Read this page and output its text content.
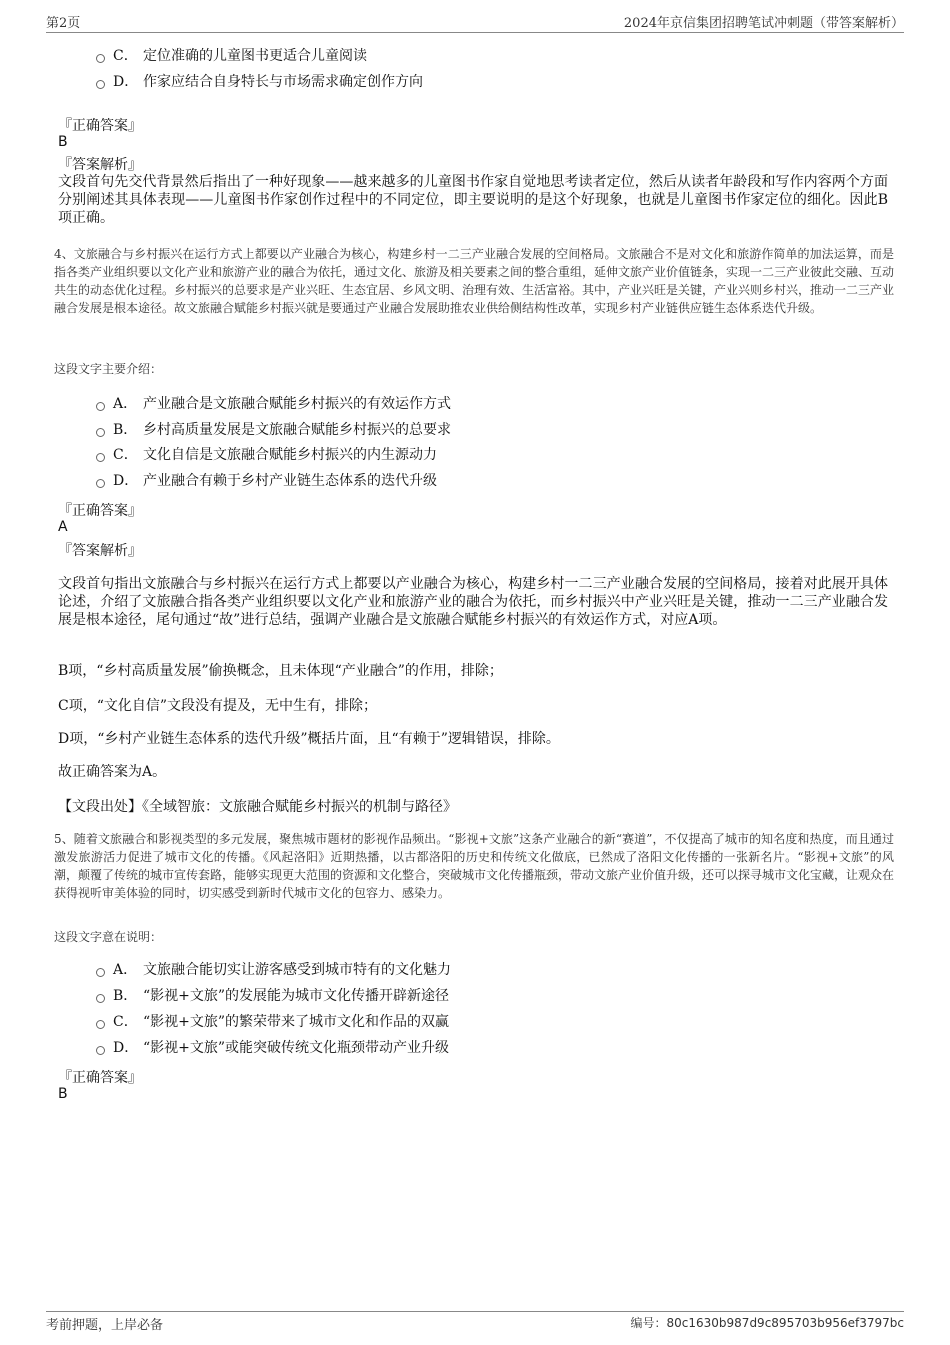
第2页	2024年京信集团招聘笔试冲刺题（带答案解析）
C． 定位准确的儿童图书更适合儿童阅读
D． 作家应结合自身特长与市场需求确定创作方向
『正确答案』
B
『答案解析』
文段首句先交代背景然后指出了一种好现象——越来越多的儿童图书作家自觉地思考读者定位，然后从读者年龄段和写作内容两个方面分别阐述其具体表现——儿童图书作家创作过程中的不同定位，即主要说明的是这个好现象，也就是儿童图书作家定位的细化。因此B项正确。
4、文旅融合与乡村振兴在运行方式上都要以产业融合为核心，构建乡村一二三产业融合发展的空间格局。文旅融合不是对文化和旅游作简单的加法运算，而是指各类产业组织要以文化产业和旅游产业的融合为依托，通过文化、旅游及相关要素之间的整合重组，延伸文旅产业价值链条，实现一二三产业彼此交融、互动共生的动态优化过程。乡村振兴的总要求是产业兴旺、生态宜居、乡风文明、治理有效、生活富裕。其中，产业兴旺是关键，产业兴则乡村兴，推动一二三产业融合发展是根本途径。故文旅融合赋能乡村振兴就是要通过产业融合发展助推农业供给侧结构性改革，实现乡村产业链供应链生态体系迭代升级。
这段文字主要介绍：
A． 产业融合是文旅融合赋能乡村振兴的有效运作方式
B． 乡村高质量发展是文旅融合赋能乡村振兴的总要求
C． 文化自信是文旅融合赋能乡村振兴的内生源动力
D． 产业融合有赖于乡村产业链生态体系的迭代升级
『正确答案』
A
『答案解析』
文段首句指出文旅融合与乡村振兴在运行方式上都要以产业融合为核心，构建乡村一二三产业融合发展的空间格局，接着对此展开具体论述，介绍了文旅融合指各类产业组织要以文化产业和旅游产业的融合为依托，而乡村振兴中产业兴旺是关键，推动一二三产业融合发展是根本途径，尾句通过“故”进行总结，强调产业融合是文旅融合赋能乡村振兴的有效运作方式，对应A项。
B项，“乡村高质量发展”偷换概念，且未体现“产业融合”的作用，排除；
C项，“文化自信”文段没有提及，无中生有，排除；
D项，“乡村产业链生态体系的迭代升级”概括片面，且“有赖于”逻辑错误，排除。
故正确答案为A。
【文段出处】《全域智旅：文旅融合赋能乡村振兴的机制与路径》
5、随着文旅融合和影视类型的多元发展，聚焦城市题材的影视作品频出。“影视+文旅”这条产业融合的新“赛道”，不仅提高了城市的知名度和热度，而且通过激发旅游活力促进了城市文化的传播。《风起洛阳》近期热播，以古都洛阳的历史和传统文化做底，已然成了洛阳文化传播的一张新名片。“影视+文旅”的风潮，颠覆了传统的城市宣传套路，能够实现更大范围的资源和文化整合，突破城市文化传播瓶颈，带动文旅产业价值升级，还可以探寻城市文化宝藏，让观众在获得视听审美体验的同时，切实感受到新时代城市文化的包容力、感染力。
这段文字意在说明：
A． 文旅融合能切实让游客感受到城市特有的文化魅力
B． “影视+文旅”的发展能为城市文化传播开辟新途径
C． “影视+文旅”的繁荣带来了城市文化和作品的双赢
D． “影视+文旅”或能突破传统文化瓶颈带动产业升级
『正确答案』
B
考前押题，上岸必备	编号：80c1630b987d9c895703b956ef3797bc
